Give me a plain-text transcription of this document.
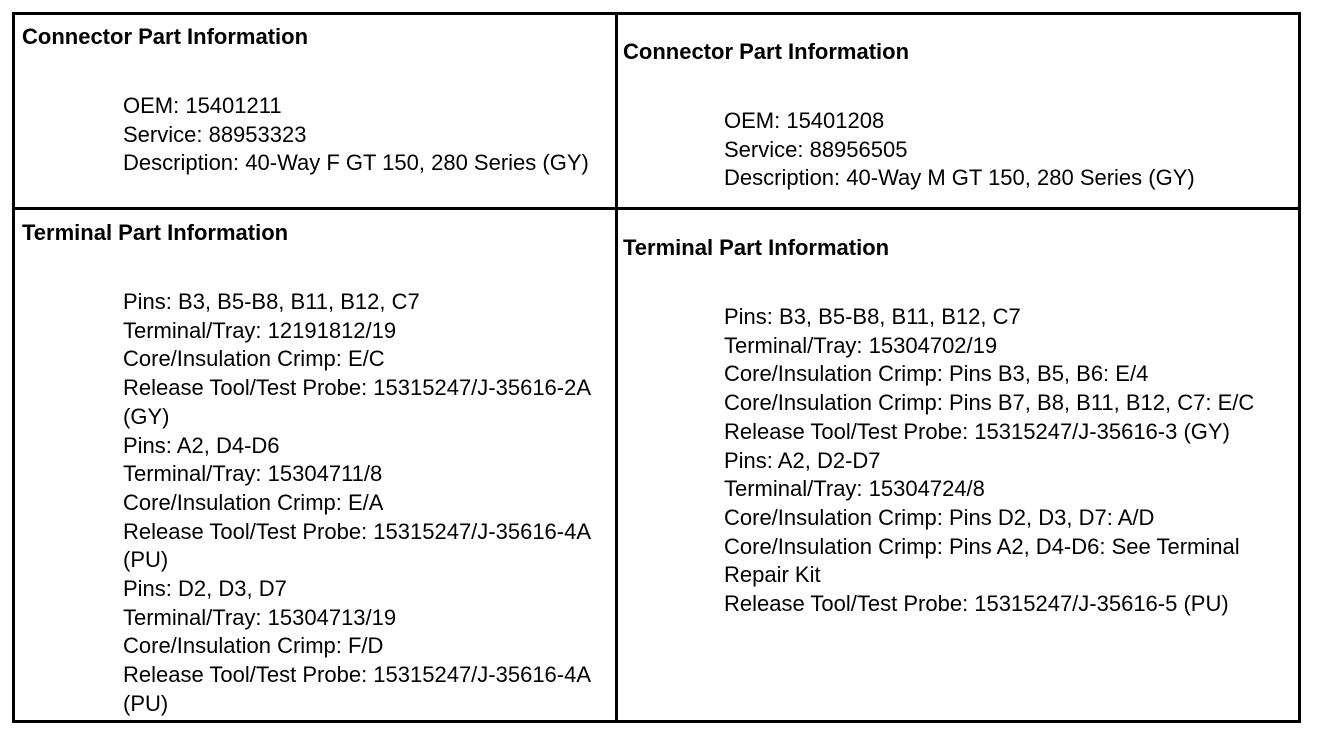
Connector Part Information
OEM: 15401211
Service: 88953323
Description: 40-Way F GT 150, 280 Series (GY)
Connector Part Information
OEM: 15401208
Service: 88956505
Description: 40-Way M GT 150, 280 Series (GY)
Terminal Part Information
Pins: B3, B5-B8, B11, B12, C7
Terminal/Tray: 12191812/19
Core/Insulation Crimp: E/C
Release Tool/Test Probe: 15315247/J-35616-2A (GY)
Pins: A2, D4-D6
Terminal/Tray: 15304711/8
Core/Insulation Crimp: E/A
Release Tool/Test Probe: 15315247/J-35616-4A (PU)
Pins: D2, D3, D7
Terminal/Tray: 15304713/19
Core/Insulation Crimp: F/D
Release Tool/Test Probe: 15315247/J-35616-4A (PU)
Terminal Part Information
Pins: B3, B5-B8, B11, B12, C7
Terminal/Tray: 15304702/19
Core/Insulation Crimp: Pins B3, B5, B6: E/4
Core/Insulation Crimp: Pins B7, B8, B11, B12, C7: E/C
Release Tool/Test Probe: 15315247/J-35616-3 (GY)
Pins: A2, D2-D7
Terminal/Tray: 15304724/8
Core/Insulation Crimp: Pins D2, D3, D7: A/D
Core/Insulation Crimp: Pins A2, D4-D6: See Terminal Repair Kit
Release Tool/Test Probe: 15315247/J-35616-5 (PU)
